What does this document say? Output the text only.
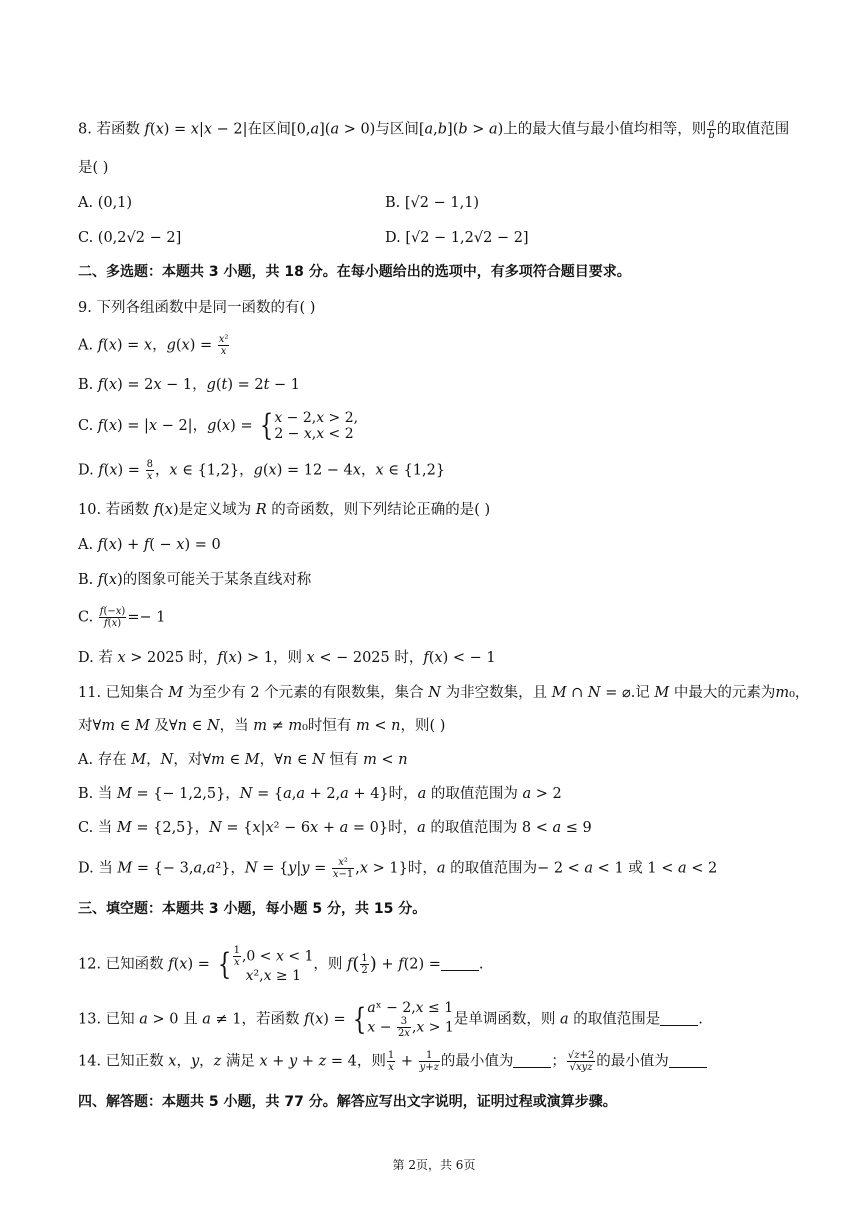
8. 若函数 𝑓(𝑥) = 𝑥|𝑥 − 2|在区间[0,𝑎](𝑎 > 0)与区间[𝑎,𝑏](𝑏 > 𝑎)上的最大值与最小值均相等，则 $\frac{\text{𝑎}}{\text{𝑏}}$ 的取值范围
是( )
A. (0,1)	B. [√2 − 1,1)
C. (0,2√2 − 2]	D. [√2 − 1,2√2 − 2]
二、多选题：本题共 3 小题，共 18 分。在每小题给出的选项中，有多项符合题目要求。
9. 下列各组函数中是同一函数的有( )
A. 𝑓(𝑥) = 𝑥，𝑔(𝑥) = $\frac{\text{𝑥²}}{\text{𝑥}}$
B. 𝑓(𝑥) = 2𝑥 − 1，𝑔(𝑡) = 2𝑡 − 1
C. 𝑓(𝑥) = |𝑥 − 2|，𝑔(𝑥) = { 𝑥 − 2,𝑥 > 2,
2 − 𝑥,𝑥 < 2
D. 𝑓(𝑥) = $\frac{8}{\text{𝑥}}$ ，𝑥 ∈ {1,2}，𝑔(𝑥) = 12 − 4𝑥，𝑥 ∈ {1,2}
10. 若函数 𝑓(𝑥)是定义域为 𝑅 的奇函数，则下列结论正确的是( )
A. 𝑓(𝑥) + 𝑓( − 𝑥) = 0
B. 𝑓(𝑥)的图象可能关于某条直线对称
C. $\frac{\text{𝑓(−𝑥)}}{\text{𝑓(𝑥)}} =- 1$
D. 若 𝑥 > 2025 时，𝑓(𝑥) > 1，则 𝑥 < − 2025 时，𝑓(𝑥) < − 1
11. 已知集合 𝑀 为至少有 2 个元素的有限数集，集合 𝑁 为非空数集，且 𝑀 ∩ 𝑁 = ⌀.记 𝑀 中最大的元素为𝑚₀，
对∀𝑚 ∈ 𝑀 及∀𝑛 ∈ 𝑁，当 𝑚 ≠ 𝑚₀时恒有 𝑚 < 𝑛，则( )
A. 存在 𝑀，𝑁，对∀𝑚 ∈ 𝑀，∀𝑛 ∈ 𝑁 恒有 𝑚 < 𝑛
B. 当 𝑀 = {− 1,2,5}，𝑁 = {𝑎,𝑎 + 2,𝑎 + 4}时，𝑎 的取值范围为 𝑎 > 2
C. 当 𝑀 = {2,5}，𝑁 = {𝑥|𝑥² − 6𝑥 + 𝑎 = 0}时，𝑎 的取值范围为 8 < 𝑎 ≤ 9
D. 当 𝑀 = {− 3,𝑎,𝑎²}，𝑁 = {𝑦|𝑦 = $\frac{\text{𝑥²}}{\text{𝑥−1}}$ ,𝑥 > 1}时，𝑎 的取值范围为− 2 < 𝑎 < 1 或 1 < 𝑎 < 2
三、填空题：本题共 3 小题，每小题 5 分，共 15 分。
12. 已知函数 𝑓(𝑥) = { $\frac{1}{\text{𝑥}} ,0$ < 𝑥 < 1
𝑥²,𝑥 ≥ 1
，则 𝑓( $\frac{1}{2}$ ) + 𝑓(2) =	.
13. 已知 𝑎 > 0 且 𝑎 ≠ 1，若函数 𝑓(𝑥) = { 𝑎ˣ − 2,𝑥 ≤ 1
𝑥 − $\frac{3}{\text{2𝑥}}$ ,𝑥 > 1 是单调函数，则 𝑎 的取值范围是	.
14. 已知正数 𝑥，𝑦，𝑧 满足 𝑥 + 𝑦 + 𝑧 = 4，则 $\frac{1}{\text{𝑥}} + \frac{1}{\text{𝑦+𝑧}}$ 的最小值为	； $\frac{\text{√𝑧+2}}{\text{√𝑥𝑦𝑧}}$ 的最小值为
四、解答题：本题共 5 小题，共 77 分。解答应写出文字说明，证明过程或演算步骤。
第 2页，共 6页
